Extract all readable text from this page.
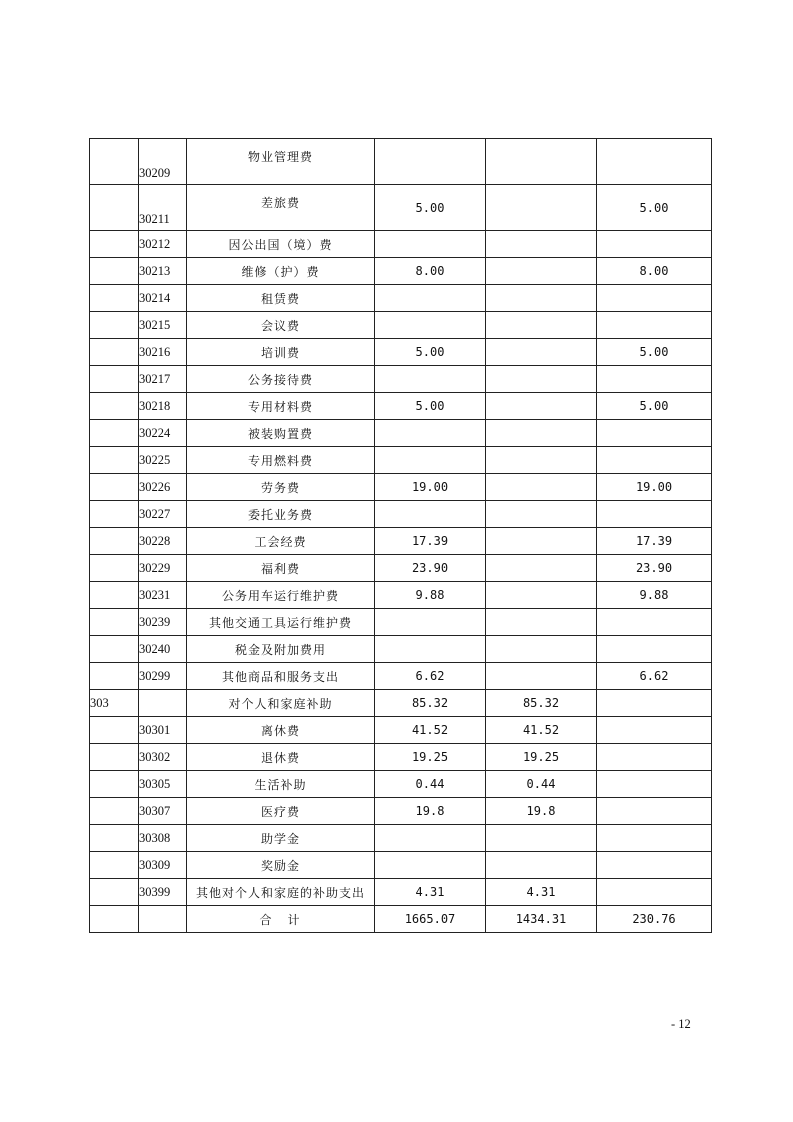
	30209	物业管理费			
	30211	差旅费	5.00		5.00
	30212	因公出国（境）费			
	30213	维修（护）费	8.00		8.00
	30214	租赁费			
	30215	会议费			
	30216	培训费	5.00		5.00
	30217	公务接待费			
	30218	专用材料费	5.00		5.00
	30224	被装购置费			
	30225	专用燃料费			
	30226	劳务费	19.00		19.00
	30227	委托业务费			
	30228	工会经费	17.39		17.39
	30229	福利费	23.90		23.90
	30231	公务用车运行维护费	9.88		9.88
	30239	其他交通工具运行维护费			
	30240	税金及附加费用			
	30299	其他商品和服务支出	6.62		6.62
303		对个人和家庭补助	85.32	85.32	
	30301	离休费	41.52	41.52	
	30302	退休费	19.25	19.25	
	30305	生活补助	0.44	0.44	
	30307	医疗费	19.8	19.8	
	30308	助学金			
	30309	奖励金			
	30399	其他对个人和家庭的补助支出	4.31	4.31	
		合计	1665.07	1434.31	230.76
- 12
